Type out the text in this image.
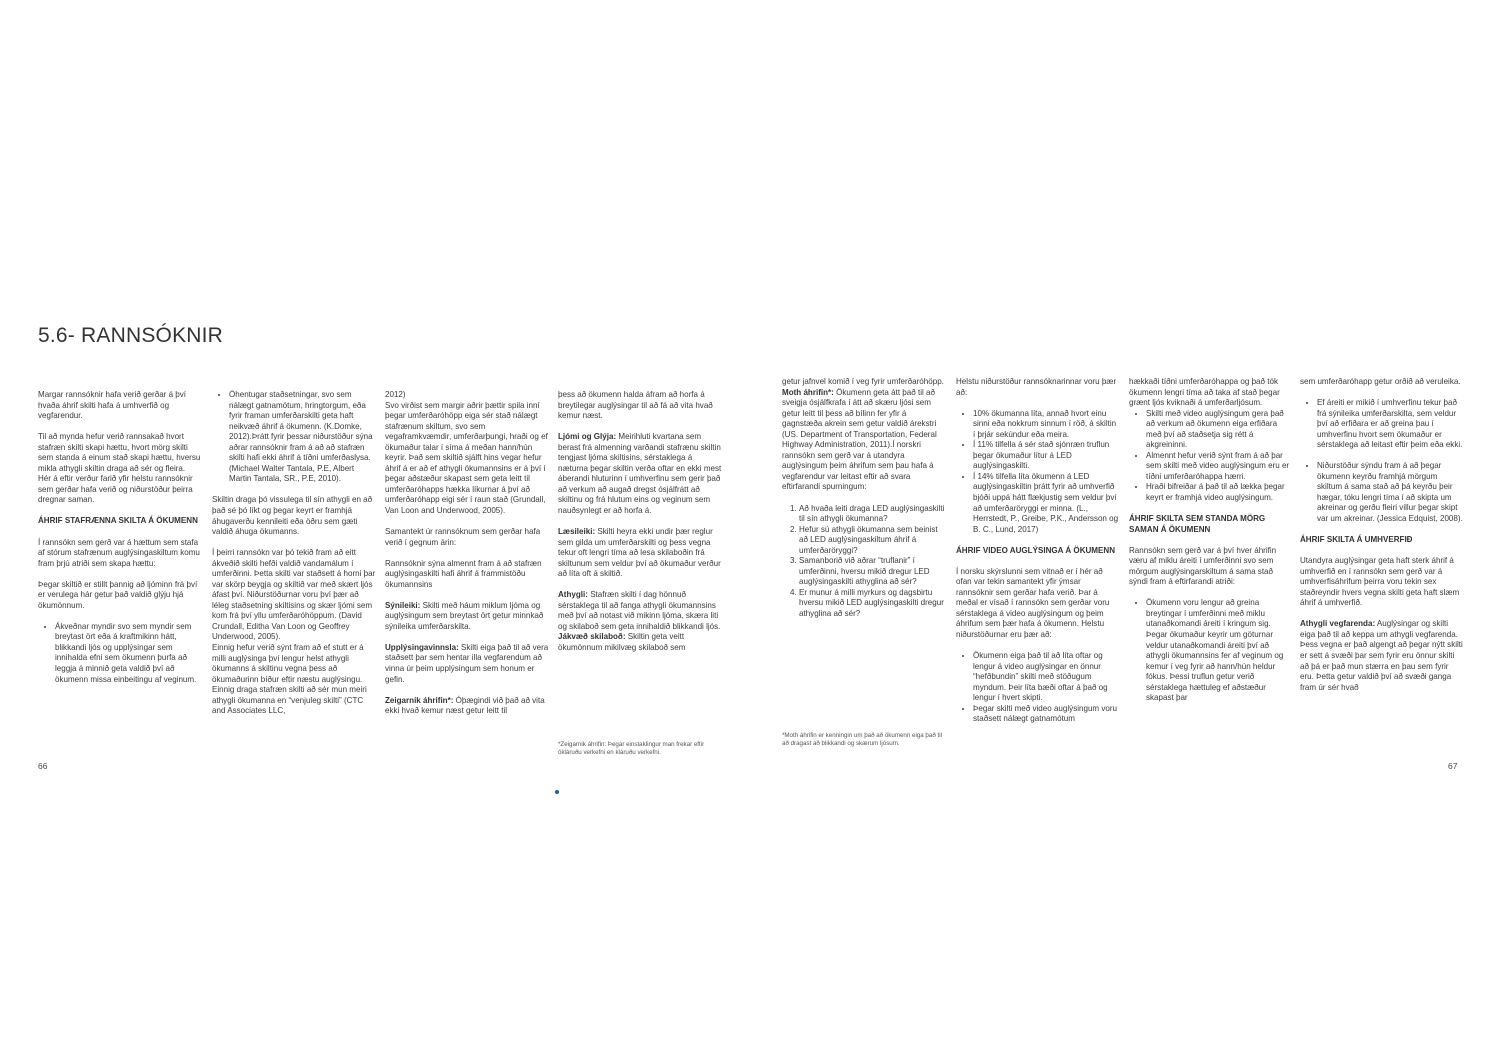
5.6- RANNSÓKNIR

Margar rannsóknir hafa verið gerðar á því hvaða áhrif skilti hafa á umhverfið og vegfarendur.

Til að mynda hefur verið rannsakað hvort stafræn skilti skapi hættu, hvort mörg skilti sem standa á einum stað skapi hættu, hversu mikla athygli skiltin draga að sér og fleira.

Hér á eftir verður farið yfir helstu rannsóknir sem gerðar hafa verið og niðurstöður þeirra dregnar saman.

ÁHRIF STAFRÆNNA SKILTA Á ÖKUMENN

Í rannsókn sem gerð var á hættum sem stafa af stórum stafrænum auglýsingaskiltum komu fram þrjú atriði sem skapa hættu:

Þegar skiltið er stillt þannig að ljóminn frá því er verulega hár getur það valdið glýju hjá ökumönnum.

• Ákveðnar myndir svo sem myndir sem breytast ört eða á kraftmikinn hátt, blikkandi ljós og upplýsingar sem innihalda efni sem ökumenn þurfa að leggja á minnið geta valdið því að ökumenn missa einbeitingu af veginum.
• Óhentugar staðsetningar, svo sem nálægt gatnamótum, hringtorgum, eða fyrir framan umferðarskilti geta haft neikvæð áhrif á ökumenn. (K.Domke, 2012).Þrátt fyrir þessar niðurstöður sýna aðrar rannsóknir fram á að að stafræn skilti hafi ekki áhrif á tíðni umferðaslysa. (Michael Walter Tantala, P.E, Albert Martin Tantala, SR., P.E, 2010).

Skiltin draga þó vissulega til sín athygli en að það sé þó líkt og þegar keyrt er framhjá áhugaverðu kennileiti eða öðru sem gæti valdið áhuga ökumanns.

Í þeirri rannsókn var þó tekið fram að eitt ákveðið skilti hefði valdið vandamálum í umferðinni. Þetta skilti var staðsett á horni þar var skörp beygja og skiltið var með skært ljós áfast því. Niðurstöðurnar voru því þær að léleg staðsetning skiltisins og skær ljómi sem kom frá því yllu umferðaróhöppum. (David Crundall, Editha Van Loon og Geoffrey Underwood, 2005).

Einnig hefur verið sýnt fram að ef stutt er á milli auglýsinga því lengur helst athygli ökumanns á skiltinu vegna þess að ökumaðurinn bíður eftir næstu auglýsingu. Einnig draga stafræn skilti að sér mun meiri athygli ökumanna en “venjuleg skilti” (CTC and Associates LLC,

2012)

Svo virðist sem margir aðrir þættir spila inní þegar umferðaróhöpp eiga sér stað nálægt stafrænum skiltum, svo sem vegaframkvæmdir, umferðarþungi, hraði og ef ökumaður talar í síma á meðan hann/hún keyrir. Það sem skiltið sjálft hins vegar hefur áhrif á er að ef athygli ökumannsins er á því í þegar aðstæður skapast sem geta leitt til umferðaróhapps hækka líkurnar á því að umferðaróhapp eigi sér í raun stað (Grundall, Van Loon and Underwood, 2005).

Samantekt úr rannsóknum sem gerðar hafa verið í gegnum árin:

Rannsóknir sýna almennt fram á að stafræn auglýsingaskilti hafi áhrif á frammistöðu ökumannsins

Sýnileiki: Skilti með háum miklum ljóma og auglýsingum sem breytast ört getur minnkað sýnileika umferðarskilta.

Upplýsingavinnsla: Skilti eiga það til að vera staðsett þar sem hentar illa vegfarendum að vinna úr þeim upplýsingum sem honum er gefin.

Zeigarnik áhrifin*: Óþægindi við það að vita ekki hvað kemur næst getur leitt til

þess að ökumenn halda áfram að horfa á breytilegar auglýsingar til að fá að vita hvað kemur næst.

Ljómi og Glýja: Meirihluti kvartana sem berast frá almenning varðandi stafrænu skiltin tengjast ljóma skiltisins, sérstaklega á næturna þegar skiltin verða oftar en ekki mest áberandi hluturinn í umhverfinu sem gerir það að verkum að augað dregst ósjálfrátt að skiltinu og frá hlutum eins og veginum sem nauðsynlegt er að horfa á.

Læsileiki: Skilti heyra ekki undir þær reglur sem gilda um umferðarskilti og þess vegna tekur oft lengri tíma að lesa skilaboðin frá skiltunum sem veldur því að ökumaður verður að líta oft á skiltið.

Athygli: Stafræn skilti í dag hönnuð sérstaklega til að fanga athygli ökumannsins með því að notast við mikinn ljóma, skæra liti og skilaboð sem geta innihaldið blikkandi ljós.

Jákvæð skilaboð: Skiltin geta veitt ökumönnum mikilvæg skilaboð sem

*Zeigarnik áhrifin: Þegar einstaklingur man frekar eftir ókláruðu verkefni en kláruðu verkefni.

getur jafnvel komið í veg fyrir umferðaróhöpp.

Moth áhrifin*: Ökumenn geta átt það til að sveigja ósjálfkrafa í átt að skæru ljósi sem getur leitt til þess að bílinn fer yfir á gagnstæða akrein sem getur valdið árekstri (US. Department of Transportation, Federal Highway Administration, 2011).Í norskri rannsókn sem gerð var á utandyra auglýsingum þeim áhrifum sem þau hafa á vegfarendur var leitast eftir að svara eftirfarandi spurningum:

1. Að hvaða leiti draga LED auglýsingaskilti til sín athygli ökumanna?
2. Hefur sú athygli ökumanna sem beinist að LED auglýsingaskiltum áhrif á umferðaröryggi?
3. Samanborið við aðrar “truflanir” í umferðinni, hversu mikið dregur LED auglýsingaskilti athyglina að sér?
4. Er munur á milli myrkurs og dagsbirtu hversu mikið LED auglýsingaskilti dregur athyglina að sér?

*Moth áhrifin er kenningin um það að ökumenn eiga það til að dragast að blikkandi og skærum ljósum.

Helstu niðurstöður rannsóknarinnar voru þær að:

• 10% ökumanna líta, annað hvort einu sinni eða nokkrum sinnum í röð, á skiltin í þrjár sekúndur eða meira.
• Í 11% tilfella á sér stað sjónræn truflun þegar ökumaður lítur á LED auglýsingaskilti.
• Í 14% tilfella líta ökumenn á LED auglýsingaskiltin þrátt fyrir að umhverfið bjóði uppá hátt flækjustig sem veldur því að umferðaröryggi er minna. (L., Herrstedt, P., Greibe, P.K., Andersson og B. C., Lund, 2017)
ÁHRIF VIDEO AUGLÝSINGA Á ÖKUMENN

Í norsku skýrslunni sem vitnað er í hér að ofan var tekin samantekt yfir ýmsar rannsóknir sem gerðar hafa verið. Þar á meðal er vísað í rannsókn sem gerðar voru sérstaklega á video auglýsingum og þeim áhrifum sem þær hafa á ökumenn. Helstu niðurstöðurnar eru þær að:

• Ökumenn eiga það til að líta oftar og lengur á video auglýsingar en önnur “hefðbundin” skilti með stöðugum myndum. Þeir líta bæði oftar á það og lengur í hvert skipti.
• Þegar skilti með video auglýsingum voru staðsett nálægt gatnamótum

hækkaði tíðni umferðaróhappa og það tók ökumenn lengri tíma að taka af stað þegar grænt ljós kviknaði á umferðarljósum.

• Skilti með video auglýsingum gera það að verkum að ökumenn eiga erfiðara með því að staðsetja sig rétt á akgreininni.
• Almennt hefur verið sýnt fram á að þar sem skilti með video auglýsingum eru er tíðni umferðaróhappa hærri.
• Hraði bifreiðar á það til að lækka þegar keyrt er framhjá video auglýsingum.
ÁHRIF SKILTA SEM STANDA MÖRG SAMAN Á ÖKUMENN

Rannsókn sem gerð var á því hver áhrifin væru af miklu áreiti í umferðinni svo sem mörgum auglýsingarskiltum á sama stað sýndi fram á eftirfarandi atriði:

• Ökumenn voru lengur að greina breytingar í umferðinni með miklu utanaðkomandi áreiti í kringum sig. Þegar ökumaður keyrir um göturnar veldur utanaðkomandi áreiti því að athygli ökumannsins fer af veginum og kemur í veg fyrir að hann/hún heldur fókus. Þessi truflun getur verið sérstaklega hættuleg ef aðstæður skapast þar

sem umferðaróhapp getur orðið að veruleika.

• Ef áreiti er mikið í umhverfinu tekur það frá sýnileika umferðarskilta, sem veldur því að erfiðara er að greina þau í umhverfinu hvort sem ökumaður er sérstaklega að leitast eftir þeim eða ekki.
• Niðurstöður sýndu fram á að þegar ökumenn keyrðu framhjá mörgum skiltum á sama stað að þá keyrðu þeir hægar, tóku lengri tíma í að skipta um akreinar og gerðu fleiri villur þegar skipt var um akreinar. (Jessica Edquist, 2008).
ÁHRIF SKILTA Á UMHVERFIÐ

Utandyra auglýsingar geta haft sterk áhrif á umhverfið en í rannsókn sem gerð var á umhverfisáhrifum þeirra voru tekin sex staðreyndir hvers vegna skilti geta haft slæm áhrif á umhverfið.

Athygli vegfarenda: Auglýsingar og skilti eiga það til að keppa um athygli vegfarenda. Þess vegna er það algengt að þegar nýtt skilti er sett á svæði þar sem fyrir eru önnur skilti að þá er það mun stærra en þau sem fyrir eru. Þetta getur valdið því að svæði ganga fram úr sér hvað

66	67
